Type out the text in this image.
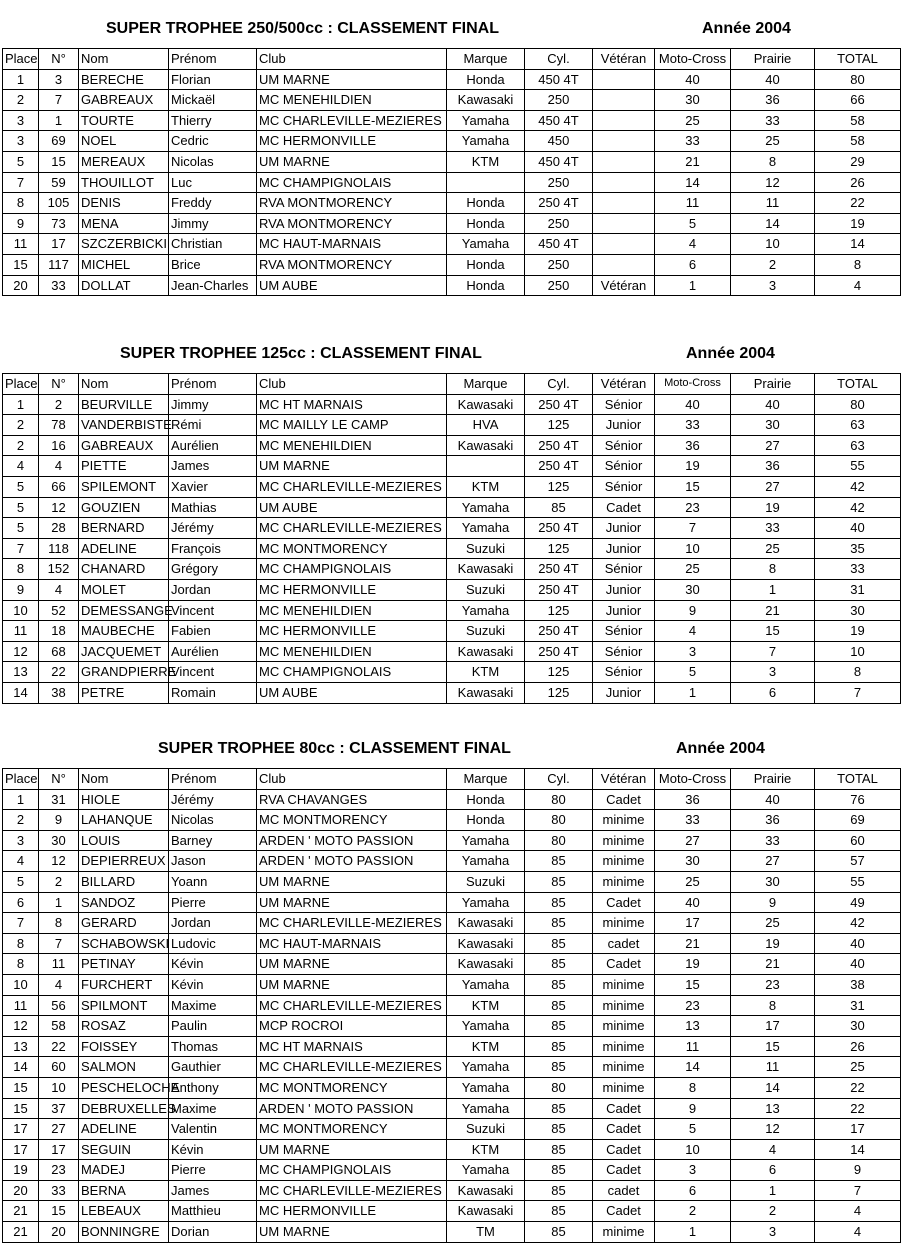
SUPER TROPHEE 250/500cc : CLASSEMENT FINAL	Année 2004
Place	N°	Nom	Prénom	Club	Marque	Cyl.	Vétéran	Moto-Cross	Prairie	TOTAL
1	3	BERECHE	Florian	UM MARNE	Honda	450 4T		40	40	80
2	7	GABREAUX	Mickaël	MC MENEHILDIEN	Kawasaki	250		30	36	66
3	1	TOURTE	Thierry	MC CHARLEVILLE-MEZIERES	Yamaha	450 4T		25	33	58
3	69	NOEL	Cedric	MC HERMONVILLE	Yamaha	450		33	25	58
5	15	MEREAUX	Nicolas	UM MARNE	KTM	450 4T		21	8	29
7	59	THOUILLOT	Luc	MC CHAMPIGNOLAIS		250		14	12	26
8	105	DENIS	Freddy	RVA MONTMORENCY	Honda	250 4T		11	11	22
9	73	MENA	Jimmy	RVA MONTMORENCY	Honda	250		5	14	19
11	17	SZCZERBICKI	Christian	MC HAUT-MARNAIS	Yamaha	450 4T		4	10	14
15	117	MICHEL	Brice	RVA MONTMORENCY	Honda	250		6	2	8
20	33	DOLLAT	Jean-Charles	UM AUBE	Honda	250	Vétéran	1	3	4

SUPER TROPHEE 125cc : CLASSEMENT FINAL	Année 2004
Place	N°	Nom	Prénom	Club	Marque	Cyl.	Vétéran	Moto-Cross	Prairie	TOTAL
1	2	BEURVILLE	Jimmy	MC HT MARNAIS	Kawasaki	250 4T	Sénior	40	40	80
2	78	VANDERBISTE	Rémi	MC MAILLY LE CAMP	HVA	125	Junior	33	30	63
2	16	GABREAUX	Aurélien	MC MENEHILDIEN	Kawasaki	250 4T	Sénior	36	27	63
4	4	PIETTE	James	UM MARNE		250 4T	Sénior	19	36	55
5	66	SPILEMONT	Xavier	MC CHARLEVILLE-MEZIERES	KTM	125	Sénior	15	27	42
5	12	GOUZIEN	Mathias	UM AUBE	Yamaha	85	Cadet	23	19	42
5	28	BERNARD	Jérémy	MC CHARLEVILLE-MEZIERES	Yamaha	250 4T	Junior	7	33	40
7	118	ADELINE	François	MC MONTMORENCY	Suzuki	125	Junior	10	25	35
8	152	CHANARD	Grégory	MC CHAMPIGNOLAIS	Kawasaki	250 4T	Sénior	25	8	33
9	4	MOLET	Jordan	MC HERMONVILLE	Suzuki	250 4T	Junior	30	1	31
10	52	DEMESSANGE	Vincent	MC MENEHILDIEN	Yamaha	125	Junior	9	21	30
11	18	MAUBECHE	Fabien	MC HERMONVILLE	Suzuki	250 4T	Sénior	4	15	19
12	68	JACQUEMET	Aurélien	MC MENEHILDIEN	Kawasaki	250 4T	Sénior	3	7	10
13	22	GRANDPIERRE	Vincent	MC CHAMPIGNOLAIS	KTM	125	Sénior	5	3	8
14	38	PETRE	Romain	UM AUBE	Kawasaki	125	Junior	1	6	7

SUPER TROPHEE 80cc : CLASSEMENT FINAL	Année 2004
Place	N°	Nom	Prénom	Club	Marque	Cyl.	Vétéran	Moto-Cross	Prairie	TOTAL
1	31	HIOLE	Jérémy	RVA CHAVANGES	Honda	80	Cadet	36	40	76
2	9	LAHANQUE	Nicolas	MC MONTMORENCY	Honda	80	minime	33	36	69
3	30	LOUIS	Barney	ARDEN ' MOTO PASSION	Yamaha	80	minime	27	33	60
4	12	DEPIERREUX	Jason	ARDEN ' MOTO PASSION	Yamaha	85	minime	30	27	57
5	2	BILLARD	Yoann	UM MARNE	Suzuki	85	minime	25	30	55
6	1	SANDOZ	Pierre	UM MARNE	Yamaha	85	Cadet	40	9	49
7	8	GERARD	Jordan	MC CHARLEVILLE-MEZIERES	Kawasaki	85	minime	17	25	42
8	7	SCHABOWSKI	Ludovic	MC HAUT-MARNAIS	Kawasaki	85	cadet	21	19	40
8	11	PETINAY	Kévin	UM MARNE	Kawasaki	85	Cadet	19	21	40
10	4	FURCHERT	Kévin	UM MARNE	Yamaha	85	minime	15	23	38
11	56	SPILMONT	Maxime	MC CHARLEVILLE-MEZIERES	KTM	85	minime	23	8	31
12	58	ROSAZ	Paulin	MCP ROCROI	Yamaha	85	minime	13	17	30
13	22	FOISSEY	Thomas	MC HT MARNAIS	KTM	85	minime	11	15	26
14	60	SALMON	Gauthier	MC CHARLEVILLE-MEZIERES	Yamaha	85	minime	14	11	25
15	10	PESCHELOCHE	Anthony	MC MONTMORENCY	Yamaha	80	minime	8	14	22
15	37	DEBRUXELLES	Maxime	ARDEN ' MOTO PASSION	Yamaha	85	Cadet	9	13	22
17	27	ADELINE	Valentin	MC MONTMORENCY	Suzuki	85	Cadet	5	12	17
17	17	SEGUIN	Kévin	UM MARNE	KTM	85	Cadet	10	4	14
19	23	MADEJ	Pierre	MC CHAMPIGNOLAIS	Yamaha	85	Cadet	3	6	9
20	33	BERNA	James	MC CHARLEVILLE-MEZIERES	Kawasaki	85	cadet	6	1	7
21	15	LEBEAUX	Matthieu	MC HERMONVILLE	Kawasaki	85	Cadet	2	2	4
21	20	BONNINGRE	Dorian	UM MARNE	TM	85	minime	1	3	4
